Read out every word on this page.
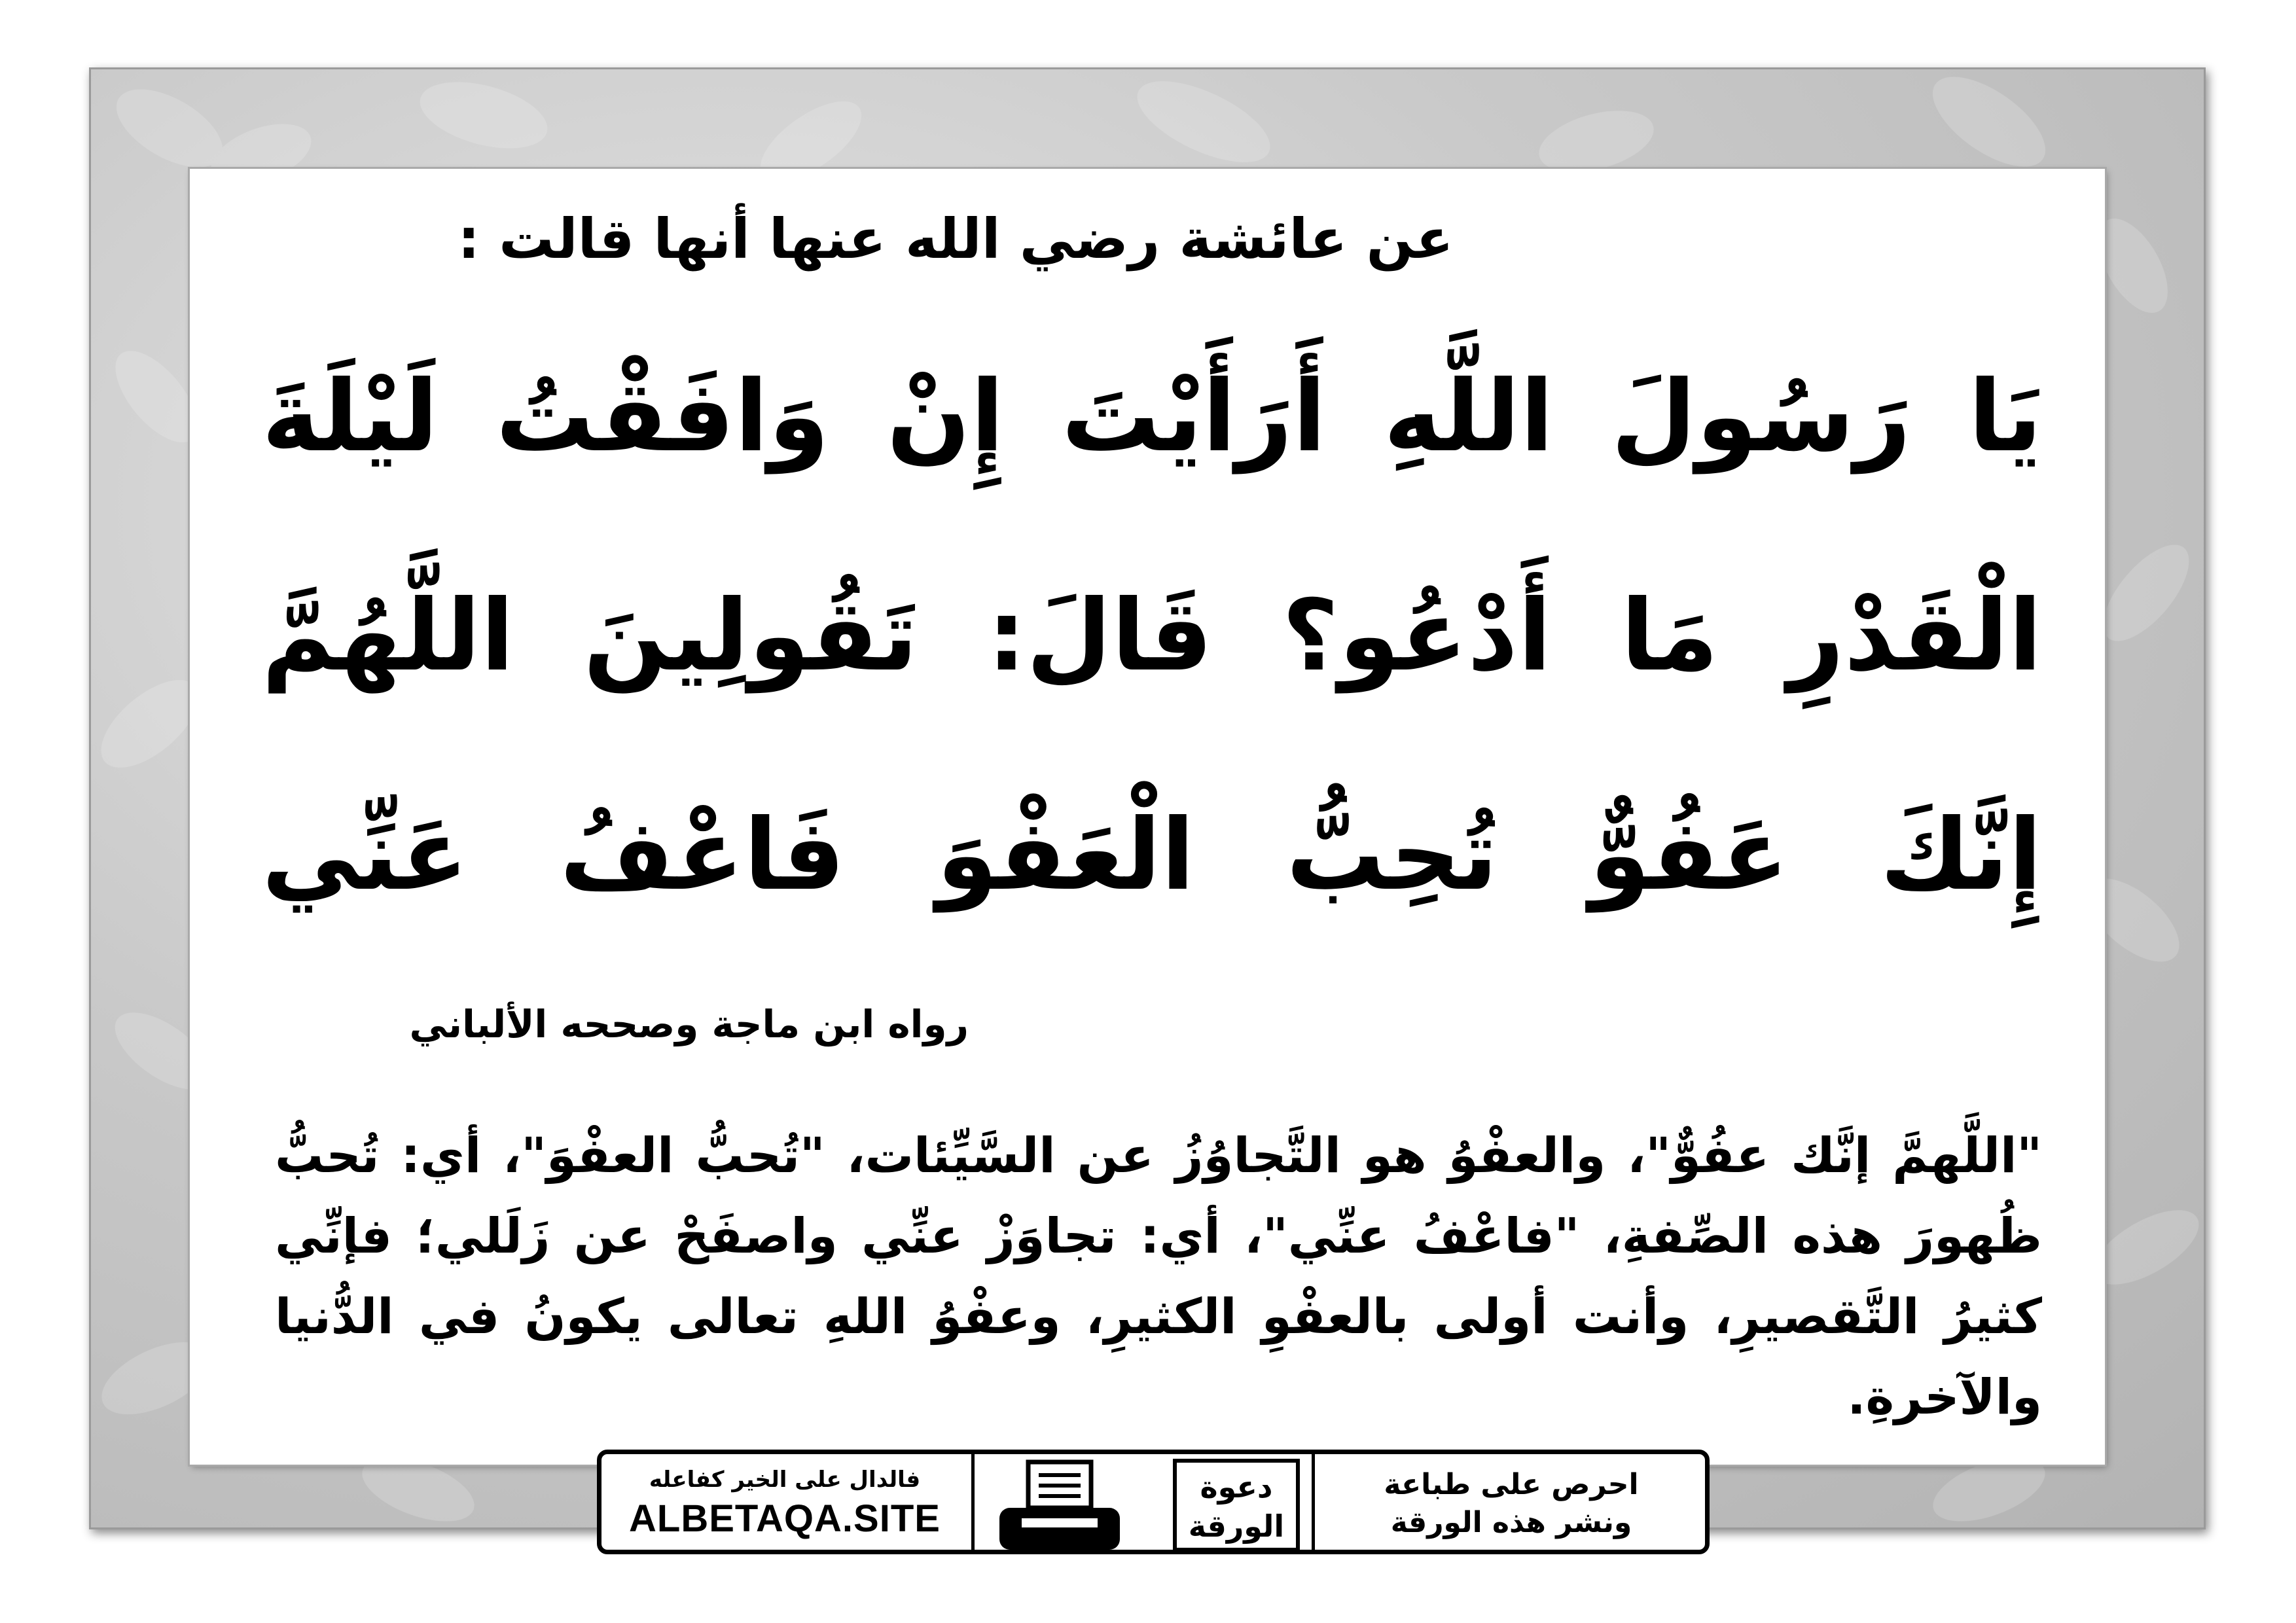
عن عائشة رضي الله عنها أنها قالت :
يَا رَسُولَ اللَّهِ أَرَأَيْتَ إِنْ وَافَقْتُ لَيْلَةَ الْقَدْرِ مَا أَدْعُو؟ قَالَ: تَقُولِينَ اللَّهُمَّ إِنَّكَ عَفُوٌّ تُحِبُّ الْعَفْوَ فَاعْفُ عَنِّي
رواه ابن ماجة وصححه الألباني
"اللَّهمَّ إنَّك عفُوٌّ"، والعفْوُ هو التَّجاوُزُ عن السَّيِّئات، "تُحبُّ العفْوَ"، أي: تُحبُّ ظُهورَ هذه الصِّفةِ، "فاعْفُ عنِّي"، أي: تجاوَزْ عنِّي واصفَحْ عن زَلَلي؛ فإنِّي كثيرُ التَّقصيرِ، وأنت أولى بالعفْوِ الكثيرِ، وعفْوُ اللهِ تعالى يكونُ في الدُّنيا والآخرةِ.
فالدال على الخير كفاعله
ALBETAQA.SITE
دعوة
الورقة
احرص على طباعة
ونشر هذه الورقة
